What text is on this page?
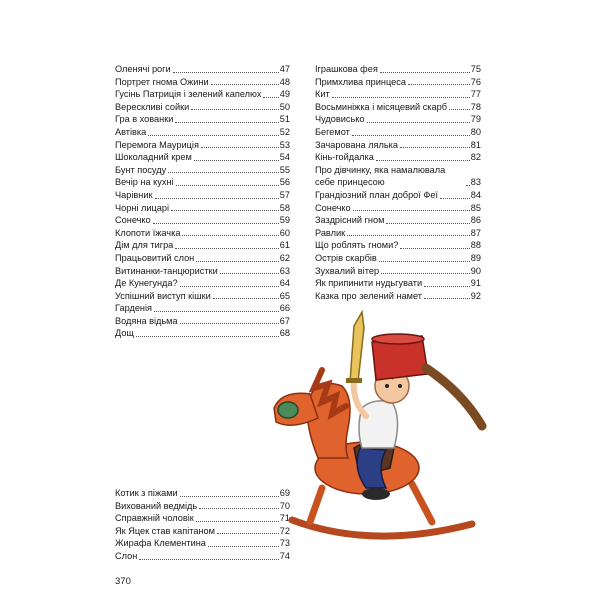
Оленячі роги	47
Портрет гнома Ожини	48
Гусінь Патриція і зелений капелюх 49
Верескливі сойки	50
Гра в хованки	51
Автівка	52
Перемога Мауриція	53
Шоколадний крем	54
Бунт посуду	55
Вечір на кухні	56
Чарівник	57
Чорні лицарі	58
Сонечко	59
Клопоти їжачка	60
Дім для тигра	61
Працьовитий слон	62
Витинанки-танцюристки	63
Де Кунегунда?	64
Успішний виступ кішки	65
Гарденія	66
Водяна відьма	67
Дощ	68
Іграшкова фея	75
Примхлива принцеса	76
Кит	77
Восьминіжка і місяцевий скарб	78
Чудовисько	79
Бегемот	80
Зачарована лялька	81
Кінь-гойдалка	82
Про дівчинку, яка намалювала себе принцесою	83
Грандіозний план доброї Феї	84
Сонечко	85
Заздрісний гном	86
Равлик	87
Що роблять гноми?	88
Острів скарбів	89
Зухвалий вітер	90
Як припинити нудьгувати	91
Казка про зелений намет	92
Котик з піжами	69
Вихований ведмідь	70
Справжній чоловік	71
Як Яцек став капітаном	72
Жирафа Клементина	73
Слон	74
370
